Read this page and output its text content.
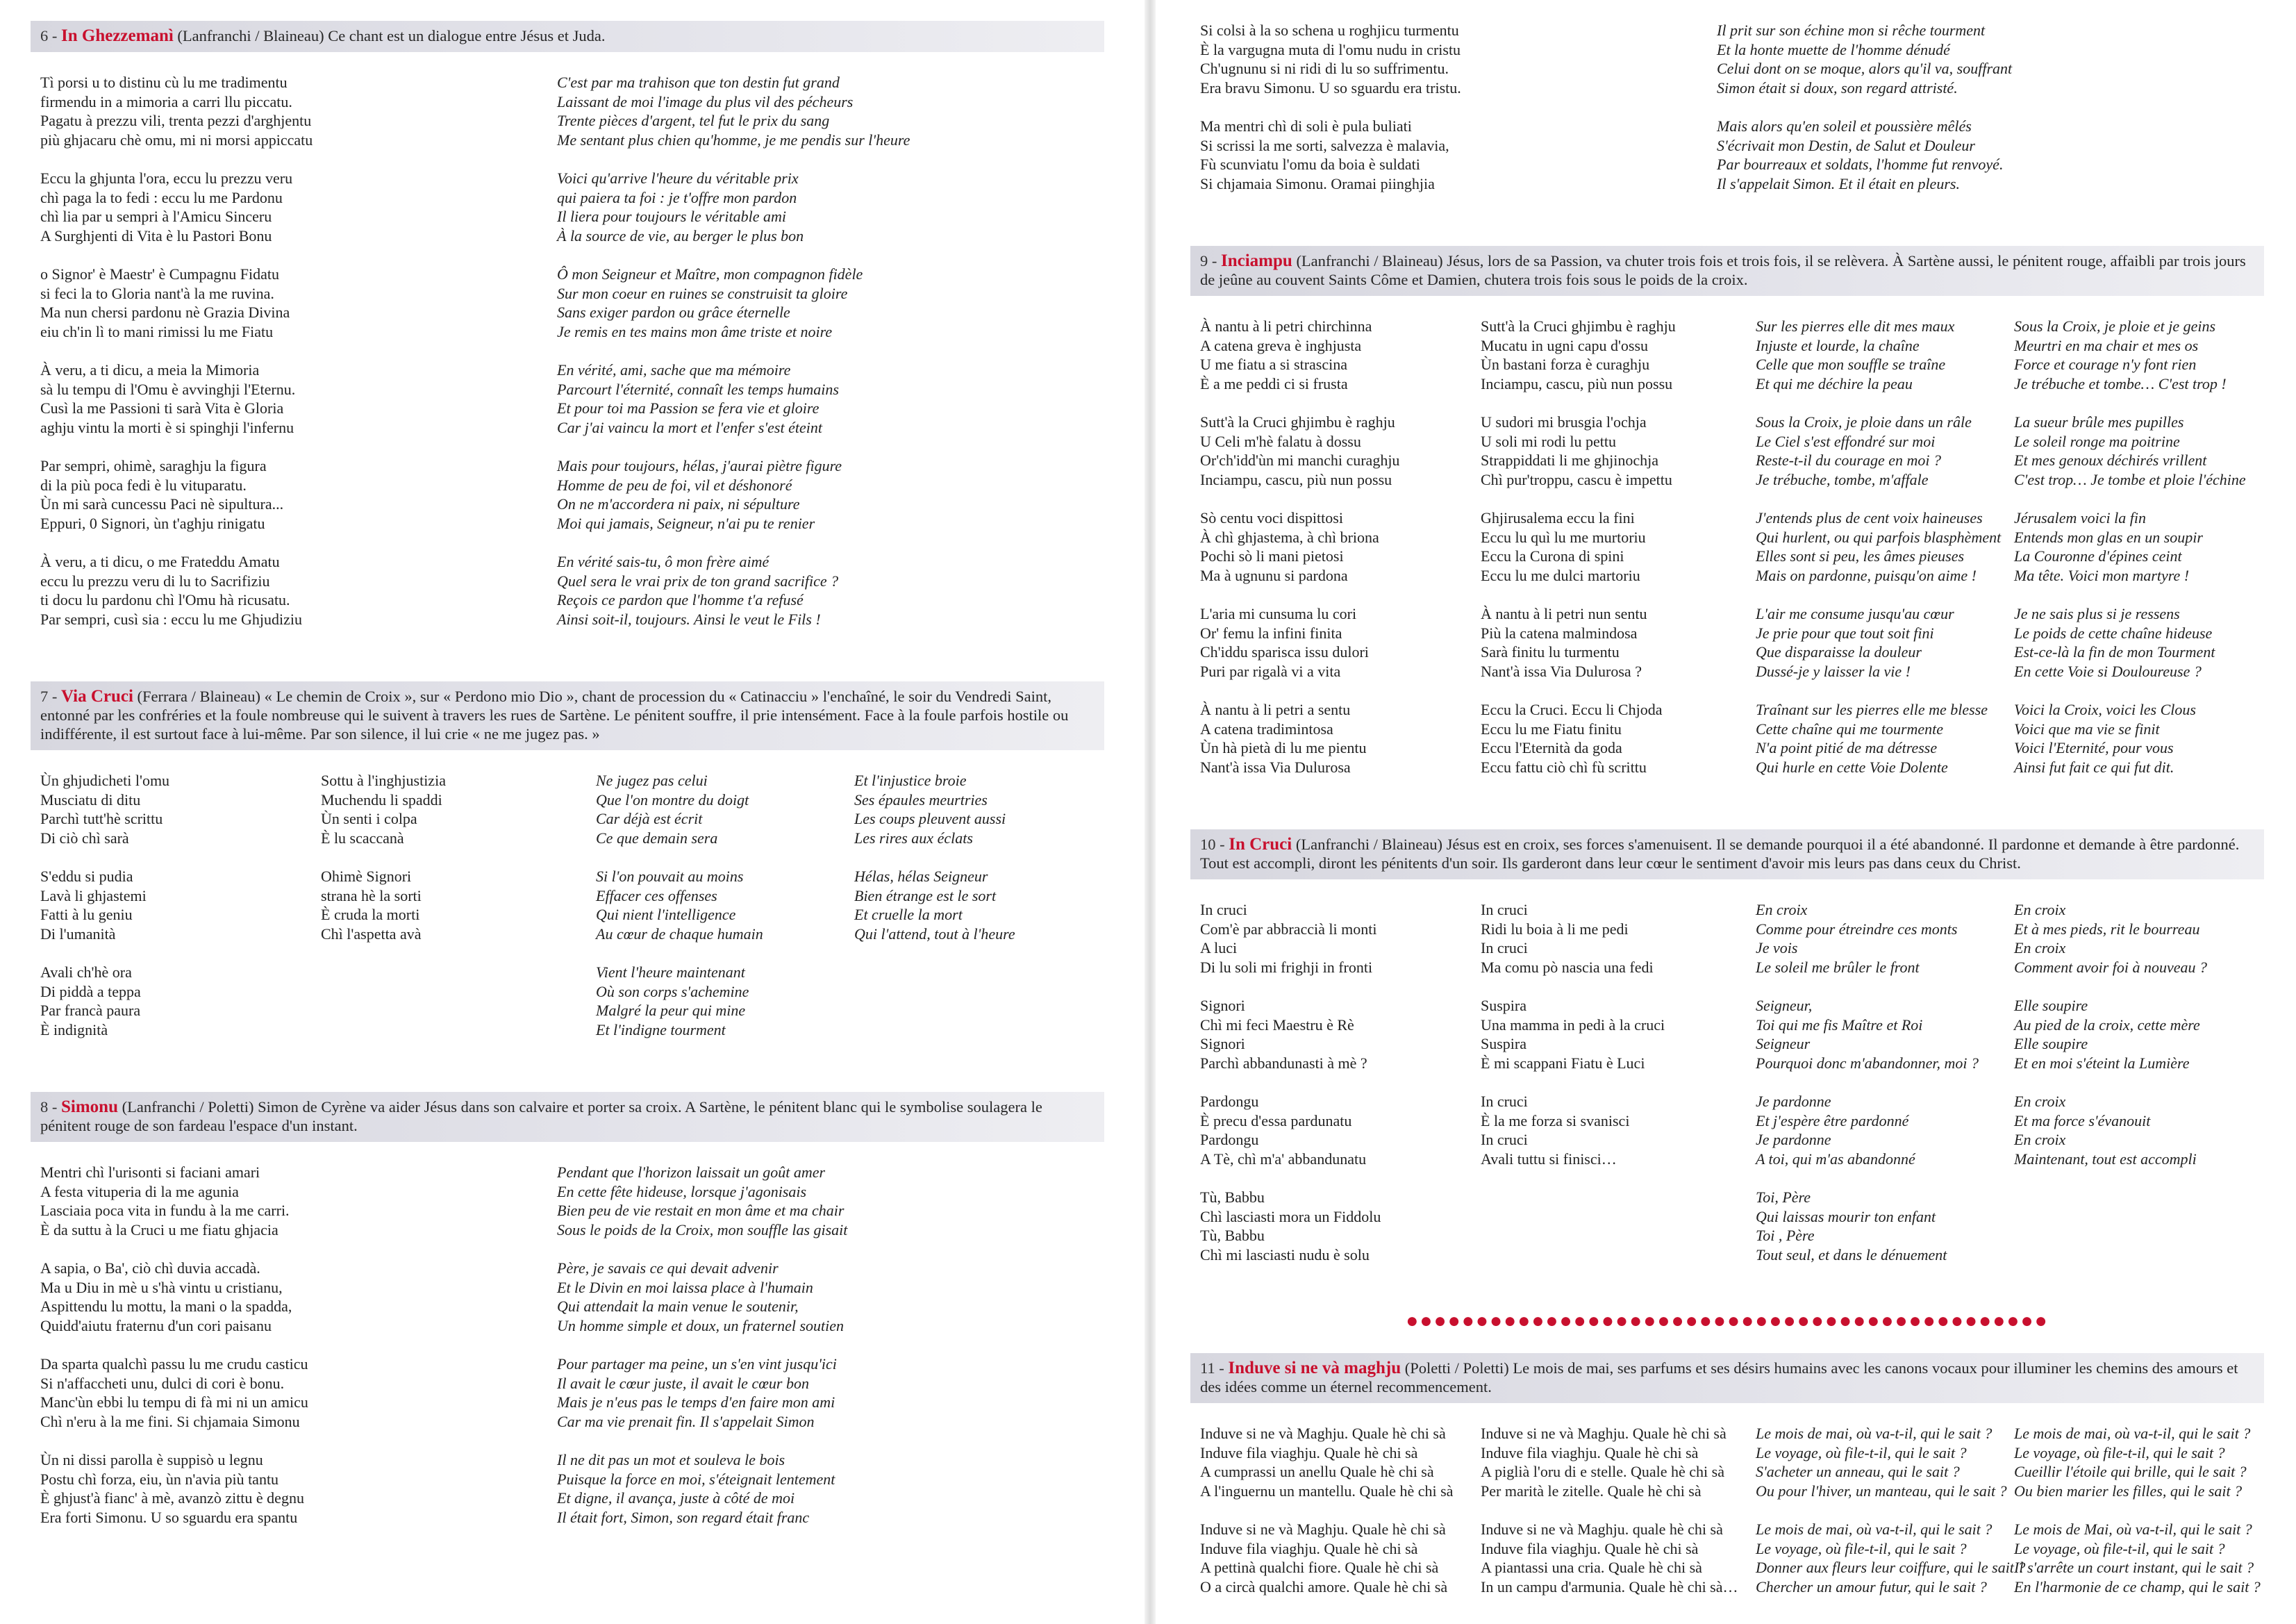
6 - In Ghezzemanì (Lanfranchi / Blaineau) Ce chant est un dialogue entre Jésus et Juda.
Tì porsi u to distinu cù lu me tradimentu
firmendu in a mimoria a carri llu piccatu.
Pagatu à prezzu vili, trenta pezzi d'arghjentu
più ghjacaru chè omu, mi ni morsi appiccatu
Eccu la ghjunta l'ora, eccu lu prezzu veru
chì paga la to fedi : eccu lu me Pardonu
chì lia par u sempri à l'Amicu Sinceru
A Surghjenti di Vita è lu Pastori Bonu
o Signor' è Maestr' è Cumpagnu Fidatu
si feci la to Gloria nant'à la me ruvina.
Ma nun chersi pardonu nè Grazia Divina
eiu ch'in lì to mani rimissi lu me Fiatu
À veru, a ti dicu, a meia la Mimoria
sà lu tempu di l'Omu è avvinghji l'Eternu.
Cusì la me Passioni ti sarà Vita è Gloria
aghju vintu la morti è si spinghji l'infernu
Par sempri, ohimè, saraghju la figura
di la più poca fedi è lu vituparatu.
Ùn mi sarà cuncessu Paci nè sipultura...
Eppuri, 0 Signori, ùn t'aghju rinigatu
À veru, a ti dicu, o me Frateddu Amatu
eccu lu prezzu veru di lu to Sacrifiziu
ti docu lu pardonu chì l'Omu hà ricusatu.
Par sempri, cusì sia : eccu lu me Ghjudiziu
C'est par ma trahison que ton destin fut grand
Laissant de moi l'image du plus vil des pécheurs
Trente pièces d'argent, tel fut le prix du sang
Me sentant plus chien qu'homme, je me pendis sur l'heure
Voici qu'arrive l'heure du véritable prix
qui paiera ta foi : je t'offre mon pardon
Il liera pour toujours le véritable ami
À la source de vie, au berger le plus bon
Ô mon Seigneur et Maître, mon compagnon fidèle
Sur mon coeur en ruines se construisit ta gloire
Sans exiger pardon ou grâce éternelle
Je remis en tes mains mon âme triste et noire
En vérité, ami, sache que ma mémoire
Parcourt l'éternité, connaît les temps humains
Et pour toi ma Passion se fera vie et gloire
Car j'ai vaincu la mort et l'enfer s'est éteint
Mais pour toujours, hélas, j'aurai piètre figure
Homme de peu de foi, vil et déshonoré
On ne m'accordera ni paix, ni sépulture
Moi qui jamais, Seigneur, n'ai pu te renier
En vérité sais-tu, ô mon frère aimé
Quel sera le vrai prix de ton grand sacrifice ?
Reçois ce pardon que l'homme t'a refusé
Ainsi soit-il, toujours. Ainsi le veut le Fils !
7 - Via Cruci (Ferrara / Blaineau) « Le chemin de Croix », sur « Perdono mio Dio », chant de procession du « Catinacciu » l'enchaîné, le soir du Vendredi Saint, entonné par les confréries et la foule nombreuse qui le suivent à travers les rues de Sartène. Le pénitent souffre, il prie intensément. Face à la foule parfois hostile ou indifférente, il est surtout face à lui-même. Par son silence, il lui crie « ne me jugez pas. »
Ùn ghjudicheti l'omu
Musciatu di ditu
Parchì tutt'hè scrittu
Di ciò chì sarà
S'eddu si pudia
Lavà li ghjastemi
Fatti à lu geniu
Di l'umanità
Avali ch'hè ora
Di piddà a teppa
Par francà paura
È indignità
Sottu à l'inghjustizia
Muchendu li spaddi
Ùn senti i colpa
È lu scaccanà
Ohimè Signori
strana hè la sorti
È cruda la morti
Chì l'aspetta avà
Ne jugez pas celui
Que l'on montre du doigt
Car déjà est écrit
Ce que demain sera
Si l'on pouvait au moins
Effacer ces offenses
Qui nient l'intelligence
Au cœur de chaque humain
Vient l'heure maintenant
Où son corps s'achemine
Malgré la peur qui mine
Et l'indigne tourment
Et l'injustice broie
Ses épaules meurtries
Les coups pleuvent aussi
Les rires aux éclats
Hélas, hélas Seigneur
Bien étrange est le sort
Et cruelle la mort
Qui l'attend, tout à l'heure
8 - Simonu (Lanfranchi / Poletti) Simon de Cyrène va aider Jésus dans son calvaire et porter sa croix. A Sartène, le pénitent blanc qui le symbolise soulagera le pénitent rouge de son fardeau l'espace d'un instant.
Mentri chì l'urisonti si faciani amari
A festa vituperia di la me agunia
Lasciaia poca vita in fundu à la me carri.
È da suttu à la Cruci u me fiatu ghjacia
A sapia, o Ba', ciò chì duvia accadà.
Ma u Diu in mè u s'hà vintu u cristianu,
Aspittendu lu mottu, la mani o la spadda,
Quidd'aiutu fraternu d'un cori paisanu
Da sparta qualchì passu lu me crudu casticu
Si n'affaccheti unu, dulci di cori è bonu.
Manc'ùn ebbi lu tempu di fà mi ni un amicu
Chì n'eru à la me fini. Si chjamaia Simonu
Ùn ni dissi parolla è suppisò u legnu
Postu chì forza, eiu, ùn n'avia più tantu
È ghjust'à fianc' à mè, avanzò zittu è degnu
Era forti Simonu. U so sguardu era spantu
Pendant que l'horizon laissait un goût amer
En cette fête hideuse, lorsque j'agonisais
Bien peu de vie restait en mon âme et ma chair
Sous le poids de la Croix, mon souffle las gisait
Père, je savais ce qui devait advenir
Et le Divin en moi laissa place à l'humain
Qui attendait la main venue le soutenir,
Un homme simple et doux, un fraternel soutien
Pour partager ma peine, un s'en vint jusqu'ici
Il avait le cœur juste, il avait le cœur bon
Mais je n'eus pas le temps d'en faire mon ami
Car ma vie prenait fin. Il s'appelait Simon
Il ne dit pas un mot et souleva le bois
Puisque la force en moi, s'éteignait lentement
Et digne, il avança, juste à côté de moi
Il était fort, Simon, son regard était franc
Si colsi à la so schena u roghjicu turmentu
È la vargugna muta di l'omu nudu in cristu
Ch'ugnunu si ni ridi di lu so suffrimentu.
Era bravu Simonu. U so sguardu era tristu.
Ma mentri chì di soli è pula buliati
Si scrissi la me sorti, salvezza è malavia,
Fù scunviatu l'omu da boia è suldati
Si chjamaia Simonu. Oramai piinghjia
Il prit sur son échine mon si rêche tourment
Et la honte muette de l'homme dénudé
Celui dont on se moque, alors qu'il va, souffrant
Simon était si doux, son regard attristé.
Mais alors qu'en soleil et poussière mêlés
S'écrivait mon Destin, de Salut et Douleur
Par bourreaux et soldats, l'homme fut renvoyé.
Il s'appelait Simon. Et il était en pleurs.
9 - Inciampu (Lanfranchi / Blaineau) Jésus, lors de sa Passion, va chuter trois fois et trois fois, il se relèvera. À Sartène aussi, le pénitent rouge, affaibli par trois jours de jeûne au couvent Saints Côme et Damien, chutera trois fois sous le poids de la croix.
À nantu à li petri chirchinna
A catena greva è inghjusta
U me fiatu a si strascina
È a me peddi ci si frusta
Sutt'à la Cruci ghjimbu è raghju
U Celi m'hè falatu à dossu
Or'ch'idd'ùn mi manchi curaghju
Inciampu, cascu, più nun possu
Sò centu voci dispittosi
À chì ghjastema, à chì briona
Pochi sò li mani pietosi
Ma à ugnunu si pardona
L'aria mi cunsuma lu cori
Or' femu la infini finita
Ch'iddu sparisca issu dulori
Puri par rigalà vi a vita
À nantu à li petri a sentu
A catena tradimintosa
Ùn hà pietà di lu me pientu
Nant'à issa Via Dulurosa
Sutt'à la Cruci ghjimbu è raghju
Mucatu in ugni capu d'ossu
Ùn bastani forza è curaghju
Inciampu, cascu, più nun possu
U sudori mi brusgia l'ochja
U soli mi rodi lu pettu
Strappiddati li me ghjinochja
Chì pur'troppu, cascu è impettu
Ghjirusalema eccu la fini
Eccu lu quì lu me murtoriu
Eccu la Curona di spini
Eccu lu me dulci martoriu
À nantu à li petri nun sentu
Più la catena malmindosa
Sarà finitu lu turmentu
Nant'à issa Via Dulurosa ?
Eccu la Cruci. Eccu li Chjoda
Eccu lu me Fiatu finitu
Eccu l'Eternità da goda
Eccu fattu ciò chì fù scrittu
Sur les pierres elle dit mes maux
Injuste et lourde, la chaîne
Celle que mon souffle se traîne
Et qui me déchire la peau
Sous la Croix, je ploie dans un râle
Le Ciel s'est effondré sur moi
Reste-t-il du courage en moi ?
Je trébuche, tombe, m'affale
J'entends plus de cent voix haineuses
Qui hurlent, ou qui parfois blasphèment
Elles sont si peu, les âmes pieuses
Mais on pardonne, puisqu'on aime !
L'air me consume jusqu'au cœur
Je prie pour que tout soit fini
Que disparaisse la douleur
Dussé-je y laisser la vie !
Traînant sur les pierres elle me blesse
Cette chaîne qui me tourmente
N'a point pitié de ma détresse
Qui hurle en cette Voie Dolente
Sous la Croix, je ploie et je geins
Meurtri en ma chair et mes os
Force et courage n'y font rien
Je trébuche et tombe… C'est trop !
La sueur brûle mes pupilles
Le soleil ronge ma poitrine
Et mes genoux déchirés vrillent
C'est trop… Je tombe et ploie l'échine
Jérusalem voici la fin
Entends mon glas en un soupir
La Couronne d'épines ceint
Ma tête. Voici mon martyre !
Je ne sais plus si je ressens
Le poids de cette chaîne hideuse
Est-ce-là la fin de mon Tourment
En cette Voie si Douloureuse ?
Voici la Croix, voici les Clous
Voici que ma vie se finit
Voici l'Eternité, pour vous
Ainsi fut fait ce qui fut dit.
10 - In Cruci (Lanfranchi / Blaineau) Jésus est en croix, ses forces s'amenuisent. Il se demande pourquoi il a été abandonné. Il pardonne et demande à être pardonné. Tout est accompli, diront les pénitents d'un soir. Ils garderont dans leur cœur le sentiment d'avoir mis leurs pas dans ceux du Christ.
In cruci
Com'è par abbraccià li monti
A luci
Di lu soli mi frighji in fronti
Signori
Chì mi feci Maestru è Rè
Signori
Parchì abbandunasti à mè ?
Pardongu
È precu d'essa pardunatu
Pardongu
A Tè, chì m'a' abbandunatu
Tù, Babbu
Chì lasciasti mora un Fiddolu
Tù, Babbu
Chì mi lasciasti nudu è solu
In cruci
Ridi lu boia à li me pedi
In cruci
Ma comu pò nascia una fedi
Suspira
Una mamma in pedi à la cruci
Suspira
È mi scappani Fiatu è Luci
In cruci
È la me forza si svanisci
In cruci
Avali tuttu si finisci…
En croix
Comme pour étreindre ces monts
Je vois
Le soleil me brûler le front
Seigneur,
Toi qui me fis Maître et Roi
Seigneur
Pourquoi donc m'abandonner, moi ?
Je pardonne
Et j'espère être pardonné
Je pardonne
A toi, qui m'as abandonné
Toi, Père
Qui laissas mourir ton enfant
Toi , Père
Tout seul, et dans le dénuement
En croix
Et à mes pieds, rit le bourreau
En croix
Comment avoir foi à nouveau ?
Elle soupire
Au pied de la croix, cette mère
Elle soupire
Et en moi s'éteint la Lumière
En croix
Et ma force s'évanouit
En croix
Maintenant, tout est accompli
●●●●●●●●●●●●●●●●●●●●●●●●●●●●●●●●●●●●●●●●●●●●●●
11 - Induve si ne và maghju (Poletti / Poletti) Le mois de mai, ses parfums et ses désirs humains avec les canons vocaux pour illuminer les chemins des amours et des idées comme un éternel recommencement.
Induve si ne và Maghju. Quale hè chi sà
Induve fila viaghju. Quale hè chi sà
A cumprassi un anellu Quale hè chi sà
A l'inguernu un mantellu. Quale hè chi sà
Induve si ne và Maghju. Quale hè chi sà
Induve fila viaghju. Quale hè chi sà
A pettinà qualchi fiore. Quale hè chi sà
O a circà qualchi amore. Quale hè chi sà
Induve si ne và Maghju. Quale hè chi sà
Induve fila viaghju. Quale hè chi sà
A piglià l'oru di e stelle. Quale hè chi sà
Per marità le zitelle. Quale hè chi sà
Induve si ne và Maghju. quale hè chi sà
Induve fila viaghju. Quale hè chi sà
A piantassi una cria. Quale hè chi sà
In un campu d'armunia. Quale hè chi sà…
Le mois de mai, où va-t-il, qui le sait ?
Le voyage, où file-t-il, qui le sait ?
S'acheter un anneau, qui le sait ?
Ou pour l'hiver, un manteau, qui le sait ?
Le mois de mai, où va-t-il, qui le sait ?
Le voyage, où file-t-il, qui le sait ?
Donner aux fleurs leur coiffure, qui le sait ?
Chercher un amour futur, qui le sait ?
Le mois de mai, où va-t-il, qui le sait ?
Le voyage, où file-t-il, qui le sait ?
Cueillir l'étoile qui brille, qui le sait ?
Ou bien marier les filles, qui le sait ?
Le mois de Mai, où va-t-il, qui le sait ?
Le voyage, où file-t-il, qui le sait ?
Il s'arrête un court instant, qui le sait ?
En l'harmonie de ce champ, qui le sait ?
